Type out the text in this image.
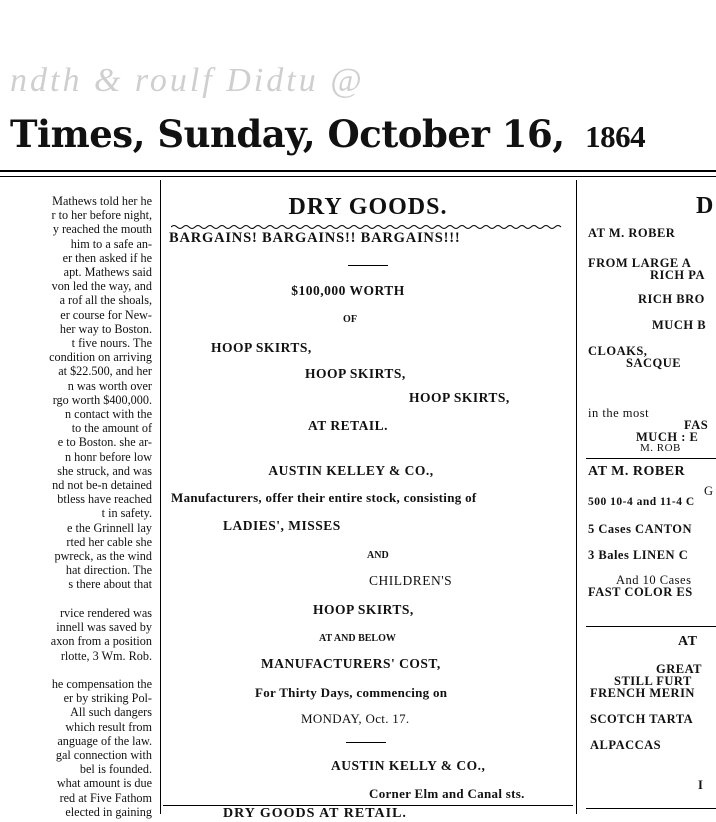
ndth & roulf Didtu @
Times, Sunday, October 16, 1864
Mathews told her he
r to her before night,
y reached the mouth
him to a safe an-
er then asked if he
apt. Mathews said
von led the way, and
a rof all the shoals,
er course for New-
her way to Boston.
t five nours. The
condition on arriving
at $22.500, and her
n was worth over
rgo worth $400,000.
n contact with the
to the amount of
e to Boston. she ar-
n honr before low
she struck, and was
nd not be-n detained
btless have reached
t in safety.
e the Grinnell lay
rted her cable she
pwreck, as the wind
hat direction. The
s there about that

rvice rendered was
innell was saved by
axon from a position
rlotte, 3 Wm. Rob.

he compensation the
er by striking Pol-
All such dangers
which result from
anguage of the law.
gal connection with
bel is founded.
what amount is due
red at Five Fathom
elected in gaining
DRY GOODS.
BARGAINS! BARGAINS!! BARGAINS!!!
$100,000 WORTH
OF
HOOP SKIRTS,
HOOP SKIRTS,
HOOP SKIRTS,
AT RETAIL.
AUSTIN KELLEY & CO.,
Manufacturers, offer their entire stock, consisting of
LADIES', MISSES
AND
CHILDREN'S
HOOP SKIRTS,
AT AND BELOW
MANUFACTURERS' COST,
For Thirty Days, commencing on
MONDAY, Oct. 17.
AUSTIN KELLY & CO.,
Corner Elm and Canal sts.
DRY GOODS AT RETAIL.
D
AT M. ROBER
FROM LARGE A
RICH PA
RICH BRO
MUCH B
CLOAKS,
SACQUE
in the most
FAS
MUCH : E
M. ROB
AT M. ROBER
G
500 10-4 and 11-4 C
5 Cases CANTON
3 Bales LINEN C
And 10 Cases
FAST COLOR ES
AT
GREAT
STILL FURT
FRENCH MERIN
SCOTCH TARTA
ALPACCAS
I
